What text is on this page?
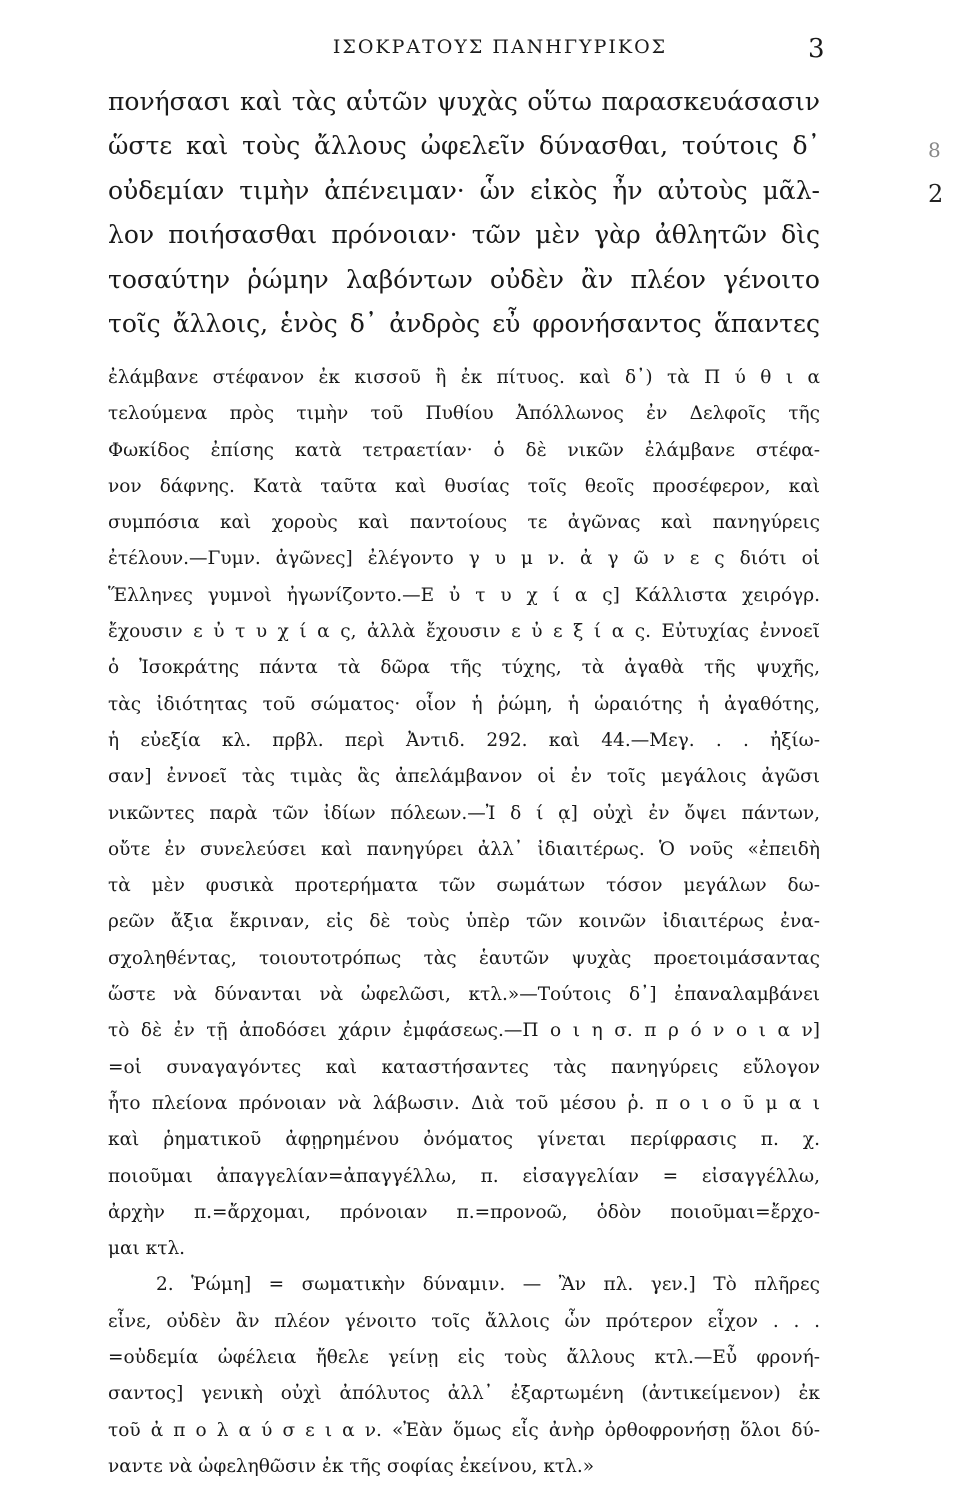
ΙΣΟΚΡΑΤΟΥΣ ΠΑΝΗΓΥΡΙΚΟΣ	3
8
2
πονήσασι καὶ τὰς αὑτῶν ψυχὰς οὕτω παρασκευάσασιν
ὥστε καὶ τοὺς ἄλλους ὠφελεῖν δύνασθαι, τούτοις δ᾽
οὐδεμίαν τιμὴν ἀπένειμαν· ὧν εἰκὸς ἦν αὐτοὺς μᾶλ-
λον ποιήσασθαι πρόνοιαν· τῶν μὲν γὰρ ἀθλητῶν δὶς
τοσαύτην ῥώμην λαβόντων οὐδὲν ἂν πλέον γένοιτο
τοῖς ἄλλοις, ἑνὸς δ᾽ ἀνδρὸς εὖ φρονήσαντος ἅπαντες
ἐλάμβανε στέφανον ἐκ κισσοῦ ἢ ἐκ πίτυος. καὶ δ᾽) τὰ Π ύ θ ι α
τελούμενα πρὸς τιμὴν τοῦ Πυθίου Ἀπόλλωνος ἐν Δελφοῖς τῆς
Φωκίδος ἐπίσης κατὰ τετραετίαν· ὁ δὲ νικῶν ἐλάμβανε στέφα-
νον δάφνης. Κατὰ ταῦτα καὶ θυσίας τοῖς θεοῖς προσέφερον, καὶ
συμπόσια καὶ χοροὺς καὶ παντοίους τε ἀγῶνας καὶ πανηγύρεις
ἐτέλουν.—Γυμν. ἀγῶνες] ἐλέγοντο γ υ μ ν. ἀ γ ῶ ν ε ς διότι οἱ
Ἕλληνες γυμνοὶ ἠγωνίζοντο.—Ε ὐ τ υ χ ί α ς] Κάλλιστα χειρόγρ.
ἔχουσιν ε ὐ τ υ χ ί α ς, ἀλλὰ ἔχουσιν ε ὐ ε ξ ί α ς. Εὐτυχίας ἐννοεῖ
ὁ Ἰσοκράτης πάντα τὰ δῶρα τῆς τύχης, τὰ ἀγαθὰ τῆς ψυχῆς,
τὰς ἰδιότητας τοῦ σώματος· οἷον ἡ ῥώμη, ἡ ὡραιότης ἡ ἀγαθότης,
ἡ εὐεξία κλ. πρβλ. περὶ Ἀντιδ. 292. καὶ 44.—Μεγ. . . ἠξίω-
σαν] ἐννοεῖ τὰς τιμὰς ἃς ἀπελάμβανον οἱ ἐν τοῖς μεγάλοις ἀγῶσι
νικῶντες παρὰ τῶν ἰδίων πόλεων.—Ἰ δ ί ᾳ] οὐχὶ ἐν ὄψει πάντων,
οὔτε ἐν συνελεύσει καὶ πανηγύρει ἀλλ᾽ ἰδιαιτέρως. Ὁ νοῦς «ἐπειδὴ
τὰ μὲν φυσικὰ προτερήματα τῶν σωμάτων τόσον μεγάλων δω-
ρεῶν ἄξια ἔκριναν, εἰς δὲ τοὺς ὑπὲρ τῶν κοινῶν ἰδιαιτέρως ἐνα-
σχοληθέντας, τοιουτοτρόπως τὰς ἑαυτῶν ψυχὰς προετοιμάσαντας
ὥστε νὰ δύνανται νὰ ὠφελῶσι, κτλ.»—Τούτοις δ᾽] ἐπαναλαμβάνει
τὸ δὲ ἐν τῇ ἀποδόσει χάριν ἐμφάσεως.—Π ο ι η σ. π ρ ό ν ο ι α ν]
=οἱ συναγαγόντες καὶ καταστήσαντες τὰς πανηγύρεις εὔλογον
ἦτο πλείονα πρόνοιαν νὰ λάβωσιν. Διὰ τοῦ μέσου ῥ. π ο ι ο ῦ μ α ι
καὶ ῥηματικοῦ ἀφῃρημένου ὀνόματος γίνεται περίφρασις π. χ.
ποιοῦμαι ἀπαγγελίαν=ἀπαγγέλλω, π. εἰσαγγελίαν = εἰσαγγέλλω,
ἀρχὴν π.=ἄρχομαι, πρόνοιαν π.=προνοῶ, ὁδὸν ποιοῦμαι=ἔρχο-
μαι κτλ.
2. Ῥώμη] = σωματικὴν δύναμιν. — Ἂν πλ. γεν.] Τὸ πλῆρες
εἶνε, οὐδὲν ἂν πλέον γένοιτο τοῖς ἄλλοις ὧν πρότερον εἶχον . . .
=οὐδεμία ὠφέλεια ἤθελε γείνῃ εἰς τοὺς ἄλλους κτλ.—Εὖ φρονή-
σαντος] γενικὴ οὐχὶ ἀπόλυτος ἀλλ᾽ ἐξαρτωμένη (ἀντικείμενον) ἐκ
τοῦ ἀ π ο λ α ύ σ ε ι α ν. «Ἐὰν ὅμως εἷς ἀνὴρ ὀρθοφρονήσῃ ὅλοι δύ-
ναντε νὰ ὠφεληθῶσιν ἐκ τῆς σοφίας ἐκείνου, κτλ.»
